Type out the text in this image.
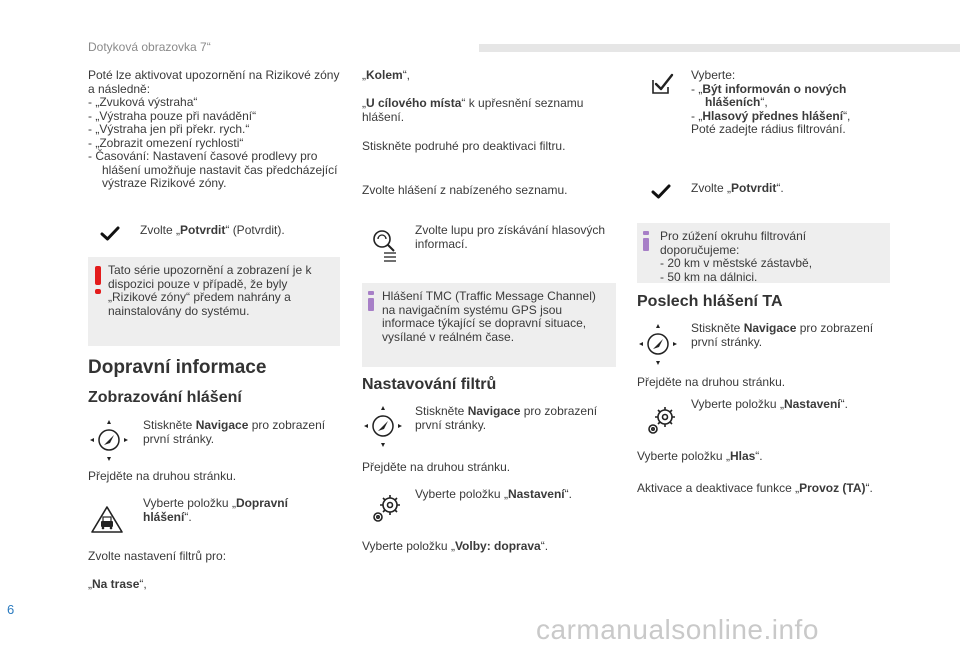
Dotyková obrazovka 7“
Poté lze aktivovat upozornění na Rizikové zóny a následně:
- „Zvuková výstraha“
- „Výstraha pouze při navádění“
- „Výstraha jen při překr. rych.“
- „Zobrazit omezení rychlosti“
- Časování: Nastavení časové prodlevy pro hlášení umožňuje nastavit čas předcházející výstraze Rizikové zóny.
Zvolte „Potvrdit“ (Potvrdit).
Tato série upozornění a zobrazení je k dispozici pouze v případě, že byly „Rizikové zóny“ předem nahrány a nainstalovány do systému.
Dopravní informace
Zobrazování hlášení
Stiskněte Navigace pro zobrazení první stránky.
Přejděte na druhou stránku.
Vyberte položku „Dopravní hlášení“.
Zvolte nastavení filtrů pro:
„Na trase“,
„Kolem“,
„U cílového místa“ k upřesnění seznamu hlášení.
Stiskněte podruhé pro deaktivaci filtru.
Zvolte hlášení z nabízeného seznamu.
Zvolte lupu pro získávání hlasových informací.
Hlášení TMC (Traffic Message Channel) na navigačním systému GPS jsou informace týkající se dopravní situace, vysílané v reálném čase.
Nastavování filtrů
Stiskněte Navigace pro zobrazení první stránky.
Přejděte na druhou stránku.
Vyberte položku „Nastavení“.
Vyberte položku „Volby: doprava“.
Vyberte:
- „Být informován o nových hlášeních“,
- „Hlasový přednes hlášení“,
Poté zadejte rádius filtrování.
Zvolte „Potvrdit“.
Pro zúžení okruhu filtrování doporučujeme:
- 20 km v městské zástavbě,
- 50 km na dálnici.
Poslech hlášení TA
Stiskněte Navigace pro zobrazení první stránky.
Přejděte na druhou stránku.
Vyberte položku „Nastavení“.
Vyberte položku „Hlas“.
Aktivace a deaktivace funkce „Provoz (TA)“.
6
carmanualsonline.info
